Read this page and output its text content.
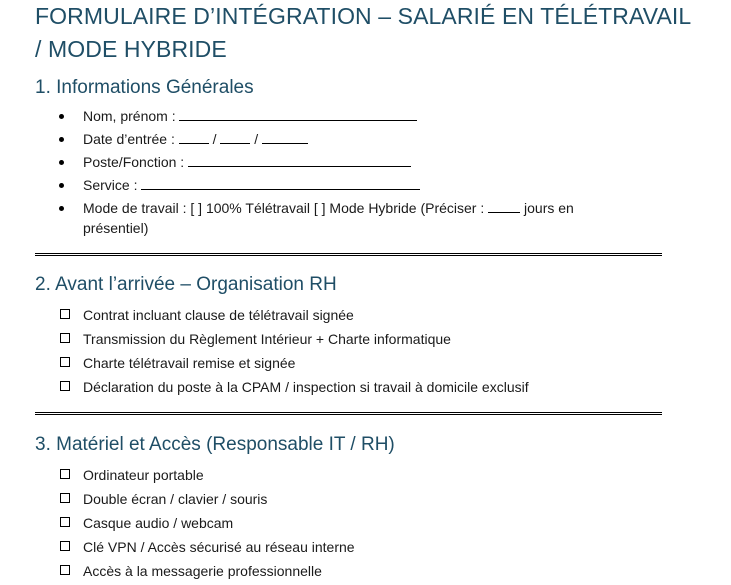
FORMULAIRE D’INTÉGRATION – SALARIÉ EN TÉLÉTRAVAIL / MODE HYBRIDE
1. Informations Générales
Nom, prénom :
Date d’entrée :	/	/
Poste/Fonction :
Service :
Mode de travail : [ ] 100% Télétravail [ ] Mode Hybride (Préciser :	jours en présentiel)
2. Avant l’arrivée – Organisation RH
Contrat incluant clause de télétravail signée
Transmission du Règlement Intérieur + Charte informatique
Charte télétravail remise et signée
Déclaration du poste à la CPAM / inspection si travail à domicile exclusif
3. Matériel et Accès (Responsable IT / RH)
Ordinateur portable
Double écran / clavier / souris
Casque audio / webcam
Clé VPN / Accès sécurisé au réseau interne
Accès à la messagerie professionnelle
